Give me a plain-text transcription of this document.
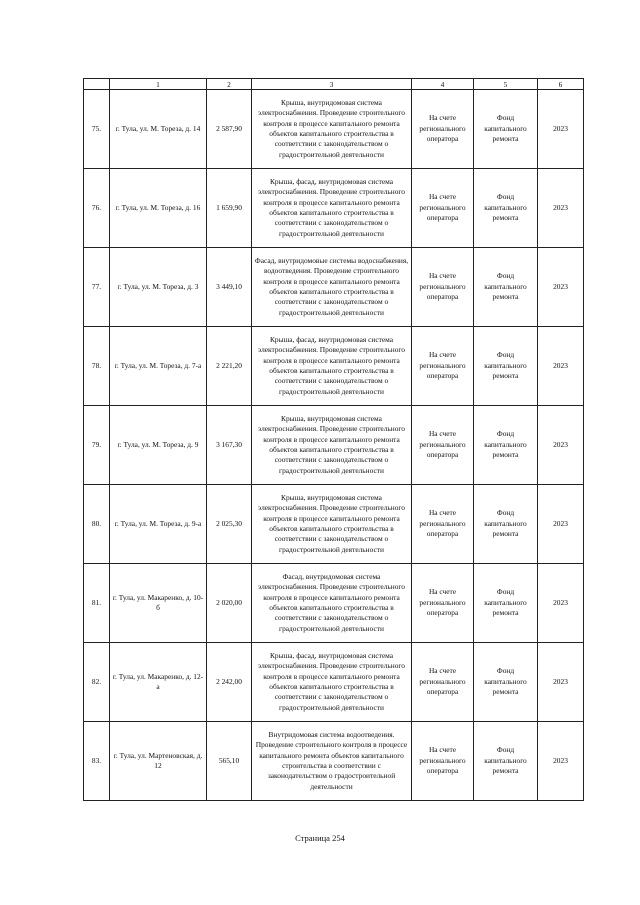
	1	2	3	4	5	6
75.	г. Тула, ул. М. Тореза, д. 14	2 587,90	Крыша, внутридомовая система электроснабжения. Проведение строительного контроля в процессе капитального ремонта объектов капитального строительства в соответствии с законодательством о градостроительной деятельности	На счете регионального оператора	Фонд капитального ремонта	2023
76.	г. Тула, ул. М. Тореза, д. 16	1 659,90	Крыша, фасад, внутридомовая система электроснабжения. Проведение строительного контроля в процессе капитального ремонта объектов капитального строительства в соответствии с законодательством о градостроительной деятельности	На счете регионального оператора	Фонд капитального ремонта	2023
77.	г. Тула, ул. М. Тореза, д. 3	3 449,10	Фасад, внутридомовые системы водоснабжения, водоотведения. Проведение строительного контроля в процессе капитального ремонта объектов капитального строительства в соответствии с законодательством о градостроительной деятельности	На счете регионального оператора	Фонд капитального ремонта	2023
78.	г. Тула, ул. М. Тореза, д. 7-а	2 221,20	Крыша, фасад, внутридомовая система электроснабжения. Проведение строительного контроля в процессе капитального ремонта объектов капитального строительства в соответствии с законодательством о градостроительной деятельности	На счете регионального оператора	Фонд капитального ремонта	2023
79.	г. Тула, ул. М. Тореза, д. 9	3 167,30	Крыша, внутридомовая система электроснабжения. Проведение строительного контроля в процессе капитального ремонта объектов капитального строительства в соответствии с законодательством о градостроительной деятельности	На счете регионального оператора	Фонд капитального ремонта	2023
80.	г. Тула, ул. М. Тореза, д. 9-а	2 025,30	Крыша, внутридомовая система электроснабжения. Проведение строительного контроля в процессе капитального ремонта объектов капитального строительства в соответствии с законодательством о градостроительной деятельности	На счете регионального оператора	Фонд капитального ремонта	2023
81.	г. Тула, ул. Макаренко, д. 10-б	2 020,00	Фасад, внутридомовая система электроснабжения. Проведение строительного контроля в процессе капитального ремонта объектов капитального строительства в соответствии с законодательством о градостроительной деятельности	На счете регионального оператора	Фонд капитального ремонта	2023
82.	г. Тула, ул. Макаренко, д. 12-а	2 242,00	Крыша, фасад, внутридомовая система электроснабжения. Проведение строительного контроля в процессе капитального ремонта объектов капитального строительства в соответствии с законодательством о градостроительной деятельности	На счете регионального оператора	Фонд капитального ремонта	2023
83.	г. Тула, ул. Мартеновская, д. 12	565,10	Внутридомовая система водоотведения. Проведение строительного контроля в процессе капитального ремонта объектов капитального строительства в соответствии с законодательством о градостроительной деятельности	На счете регионального оператора	Фонд капитального ремонта	2023
Страница 254
